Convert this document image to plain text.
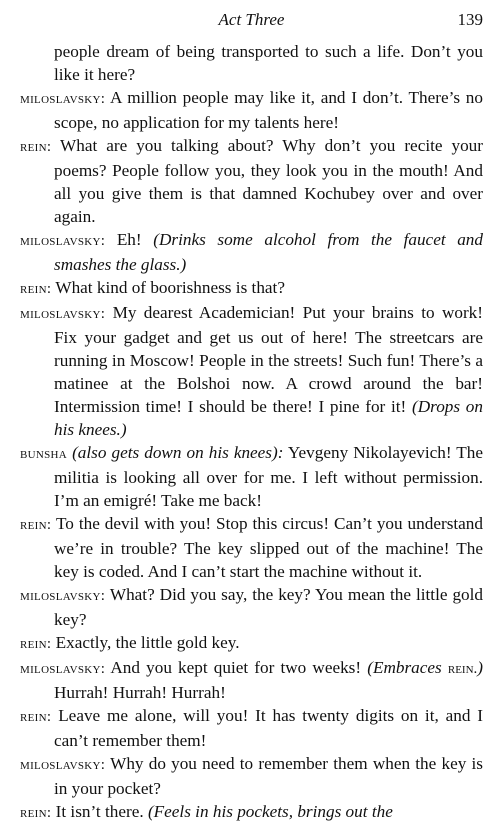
Act Three	139

people dream of being transported to such a life. Don’t you like it here?

miloslavsky: A million people may like it, and I don’t. There’s no scope, no application for my talents here!

rein: What are you talking about? Why don’t you recite your poems? People follow you, they look you in the mouth! And all you give them is that damned Kochubey over and over again.

miloslavsky: Eh! (Drinks some alcohol from the faucet and smashes the glass.)

rein: What kind of boorishness is that?

miloslavsky: My dearest Academician! Put your brains to work! Fix your gadget and get us out of here! The streetcars are running in Moscow! People in the streets! Such fun! There’s a matinee at the Bolshoi now. A crowd around the bar! Intermission time! I should be there! I pine for it! (Drops on his knees.)

bunsha (also gets down on his knees): Yevgeny Nikolayevich! The militia is looking all over for me. I left without permission. I’m an emigré! Take me back!

rein: To the devil with you! Stop this circus! Can’t you understand we’re in trouble? The key slipped out of the machine! The key is coded. And I can’t start the machine without it.

miloslavsky: What? Did you say, the key? You mean the little gold key?

rein: Exactly, the little gold key.

miloslavsky: And you kept quiet for two weeks! (Embraces rein.) Hurrah! Hurrah! Hurrah!

rein: Leave me alone, will you! It has twenty digits on it, and I can’t remember them!

miloslavsky: Why do you need to remember them when the key is in your pocket?

rein: It isn’t there. (Feels in his pockets, brings out the
